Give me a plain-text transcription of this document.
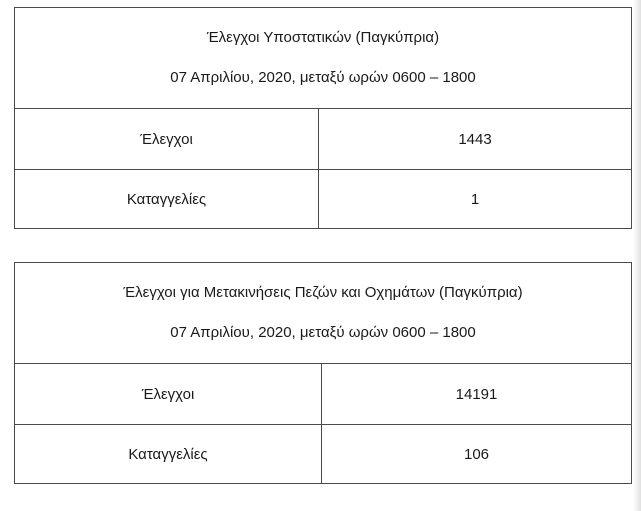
Έλεγχοι Υποστατικών (Παγκύπρια)
07 Απριλίου, 2020, μεταξύ ωρών 0600 – 1800
Έλεγχοι	1443
Καταγγελίες	1
Έλεγχοι για Μετακινήσεις Πεζών και Οχημάτων (Παγκύπρια)
07 Απριλίου, 2020, μεταξύ ωρών 0600 – 1800
Έλεγχοι	14191
Καταγγελίες	106
